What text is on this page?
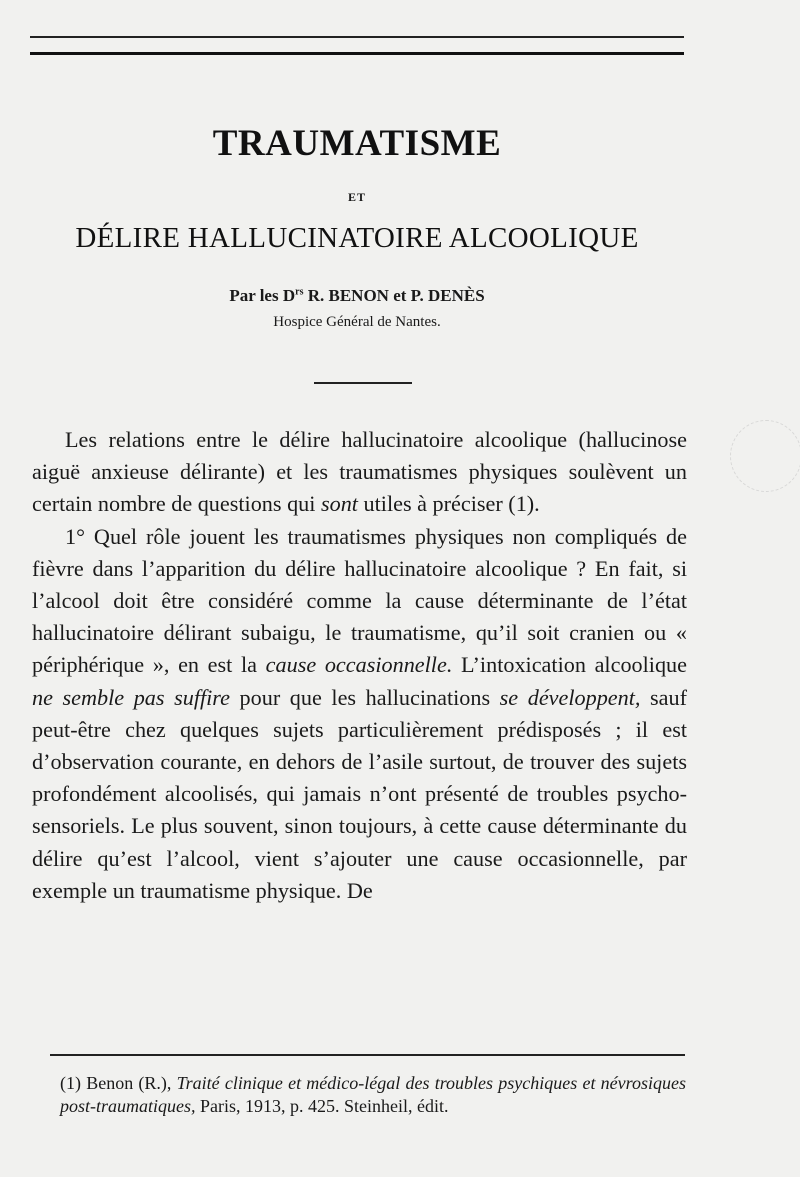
TRAUMATISME
ET
DÉLIRE HALLUCINATOIRE ALCOOLIQUE
Par les $D^{rs}$ R. BENON et P. DENÈS
Hospice Général de Nantes.

Les relations entre le délire hallucinatoire alcoolique (hallucinose aiguë anxieuse délirante) et les traumatismes physiques soulèvent un certain nombre de questions qui sont utiles à préciser (1).

1° Quel rôle jouent les traumatismes physiques non compliqués de fièvre dans l’apparition du délire hallucinatoire alcoolique ? En fait, si l’alcool doit être considéré comme la cause déterminante de l’état hallucinatoire délirant subaigu, le traumatisme, qu’il soit cranien ou « périphérique », en est la cause occasionnelle. L’intoxication alcoolique ne semble pas suffire pour que les hallucinations se développent, sauf peut-être chez quelques sujets particulièrement prédisposés ; il est d’observation courante, en dehors de l’asile surtout, de trouver des sujets profondément alcoolisés, qui jamais n’ont présenté de troubles psycho-sensoriels. Le plus souvent, sinon toujours, à cette cause déterminante du délire qu’est l’alcool, vient s’ajouter une cause occasionnelle, par exemple un traumatisme physique. De

(1) Benon (R.), Traité clinique et médico-légal des troubles psychiques et névrosiques post-traumatiques, Paris, 1913, p. 425. Steinheil, édit.
